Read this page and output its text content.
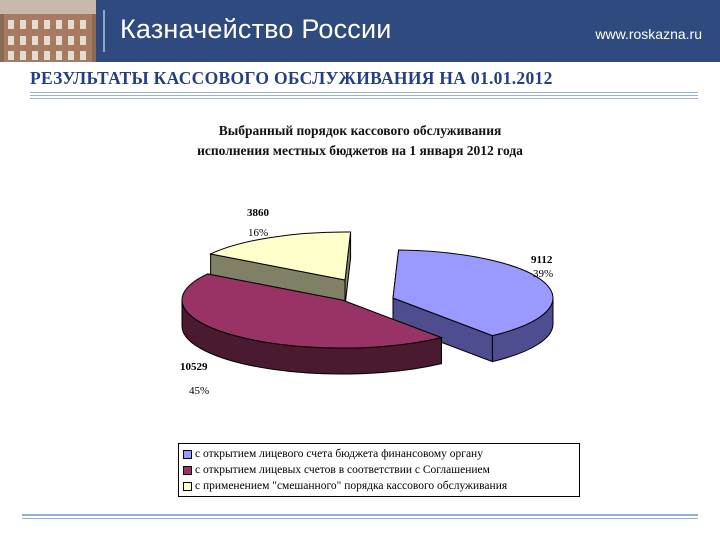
Казначейство России	www.roskazna.ru
РЕЗУЛЬТАТЫ КАССОВОГО ОБСЛУЖИВАНИЯ НА 01.01.2012
Выбранный порядок кассового обслуживания
исполнения местных бюджетов на 1 января 2012 года
3860
16%
9112
39%
10529
45%
с открытием лицевого счета бюджета финансовому органу
с открытием лицевых счетов в соответствии с Соглашением
с применением "смешанного" порядка кассового обслуживания
